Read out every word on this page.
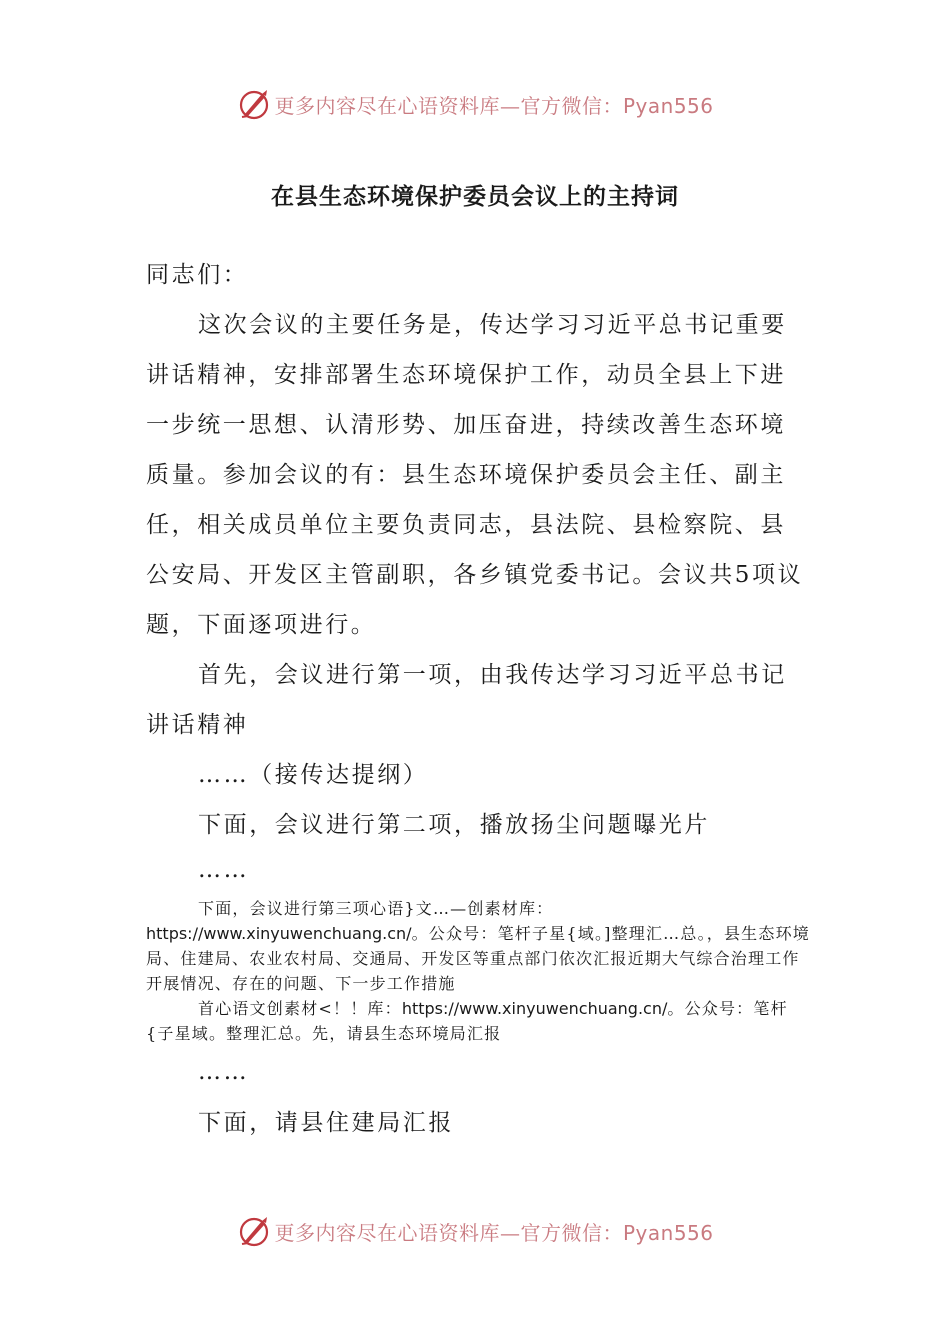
更多内容尽在心语资料库—官方微信：Pyan556
在县生态环境保护委员会议上的主持词

同志们：

这次会议的主要任务是，传达学习习近平总书记重要讲话精神，安排部署生态环境保护工作，动员全县上下进一步统一思想、认清形势、加压奋进，持续改善生态环境质量。参加会议的有：县生态环境保护委员会主任、副主任，相关成员单位主要负责同志，县法院、县检察院、县公安局、开发区主管副职，各乡镇党委书记。会议共5项议题，下面逐项进行。

首先，会议进行第一项，由我传达学习习近平总书记讲话精神

……（接传达提纲）

下面，会议进行第二项，播放扬尘问题曝光片

……

下面，会议进行第三项心语}文…—创素材库：https://www.xinyuwenchuang.cn/。公众号：笔杆子星{域。]整理汇…总。，县生态环境局、住建局、农业农村局、交通局、开发区等重点部门依次汇报近期大气综合治理工作开展情况、存在的问题、下一步工作措施

首心语文创素材<！！库：https://www.xinyuwenchuang.cn/。公众号：笔杆{子星域。整理汇总。先，请县生态环境局汇报

……

下面，请县住建局汇报

更多内容尽在心语资料库—官方微信：Pyan556
